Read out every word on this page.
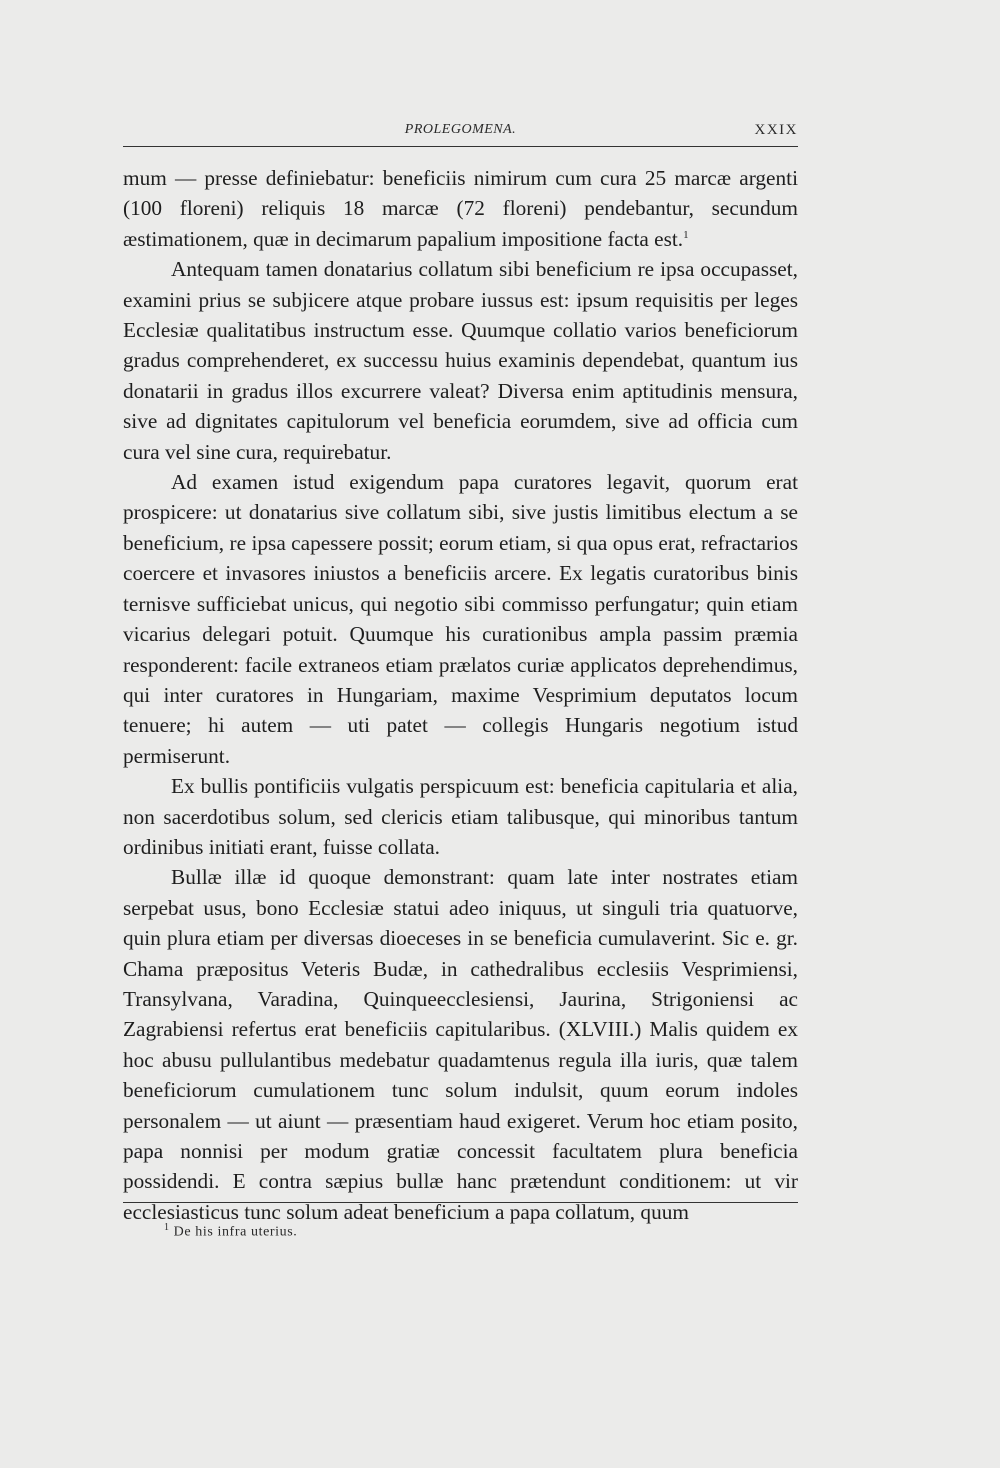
PROLEGOMENA.	XXIX

mum — presse definiebatur: beneficiis nimirum cum cura 25 marcæ argenti (100 floreni) reliquis 18 marcæ (72 floreni) pendebantur, secundum æstimationem, quæ in decimarum papalium impositione facta est.$^1$

Antequam tamen donatarius collatum sibi beneficium re ipsa occupasset, examini prius se subjicere atque probare iussus est: ipsum requisitis per leges Ecclesiæ qualitatibus instructum esse. Quumque collatio varios beneficiorum gradus comprehenderet, ex successu huius examinis dependebat, quantum ius donatarii in gradus illos excurrere valeat? Diversa enim aptitudinis mensura, sive ad dignitates capitulorum vel beneficia eorumdem, sive ad officia cum cura vel sine cura, requirebatur.

Ad examen istud exigendum papa curatores legavit, quorum erat prospicere: ut donatarius sive collatum sibi, sive justis limitibus electum a se beneficium, re ipsa capessere possit; eorum etiam, si qua opus erat, refractarios coercere et invasores iniustos a beneficiis arcere. Ex legatis curatoribus binis ternisve sufficiebat unicus, qui negotio sibi commisso perfungatur; quin etiam vicarius delegari potuit. Quumque his curationibus ampla passim præmia responderent: facile extraneos etiam prælatos curiæ applicatos deprehendimus, qui inter curatores in Hungariam, maxime Vesprimium deputatos locum tenuere; hi autem — uti patet — collegis Hungaris negotium istud permiserunt.

Ex bullis pontificiis vulgatis perspicuum est: beneficia capitularia et alia, non sacerdotibus solum, sed clericis etiam talibusque, qui minoribus tantum ordinibus initiati erant, fuisse collata.

Bullæ illæ id quoque demonstrant: quam late inter nostrates etiam serpebat usus, bono Ecclesiæ statui adeo iniquus, ut singuli tria quatuorve, quin plura etiam per diversas dioeceses in se beneficia cumulaverint. Sic e. gr. Chama præpositus Veteris Budæ, in cathedralibus ecclesiis Vesprimiensi, Transylvana, Varadina, Quinqueecclesiensi, Jaurina, Strigoniensi ac Zagrabiensi refertus erat beneficiis capitularibus. (XLVIII.) Malis quidem ex hoc abusu pullulantibus medebatur quadamtenus regula illa iuris, quæ talem beneficiorum cumulationem tunc solum indulsit, quum eorum indoles personalem — ut aiunt — præsentiam haud exigeret. Verum hoc etiam posito, papa nonnisi per modum gratiæ concessit facultatem plura beneficia possidendi. E contra sæpius bullæ hanc prætendunt conditionem: ut vir ecclesiasticus tunc solum adeat beneficium a papa collatum, quum

$^1$ De his infra uterius.
